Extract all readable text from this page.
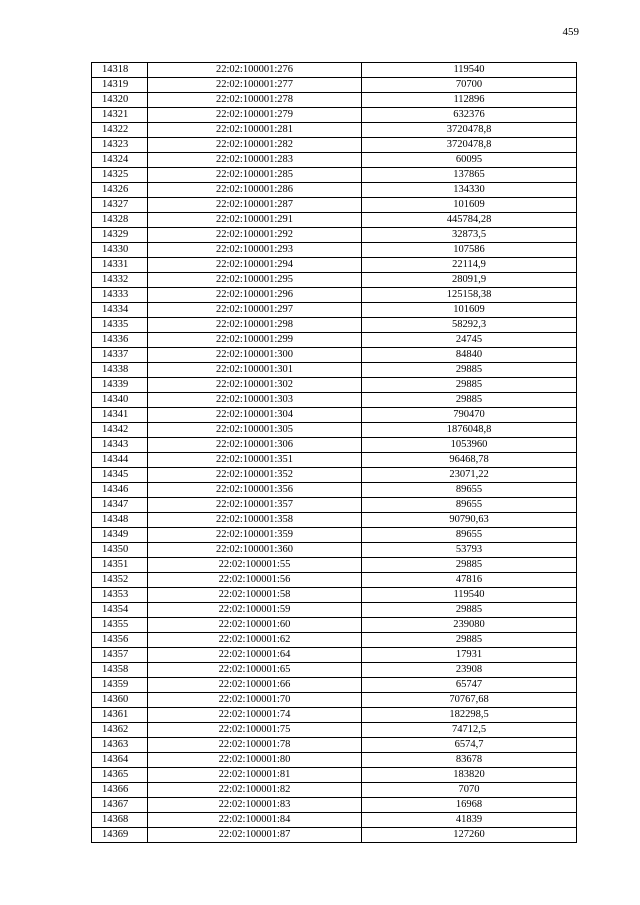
459
14318	22:02:100001:276	119540
14319	22:02:100001:277	70700
14320	22:02:100001:278	112896
14321	22:02:100001:279	632376
14322	22:02:100001:281	3720478,8
14323	22:02:100001:282	3720478,8
14324	22:02:100001:283	60095
14325	22:02:100001:285	137865
14326	22:02:100001:286	134330
14327	22:02:100001:287	101609
14328	22:02:100001:291	445784,28
14329	22:02:100001:292	32873,5
14330	22:02:100001:293	107586
14331	22:02:100001:294	22114,9
14332	22:02:100001:295	28091,9
14333	22:02:100001:296	125158,38
14334	22:02:100001:297	101609
14335	22:02:100001:298	58292,3
14336	22:02:100001:299	24745
14337	22:02:100001:300	84840
14338	22:02:100001:301	29885
14339	22:02:100001:302	29885
14340	22:02:100001:303	29885
14341	22:02:100001:304	790470
14342	22:02:100001:305	1876048,8
14343	22:02:100001:306	1053960
14344	22:02:100001:351	96468,78
14345	22:02:100001:352	23071,22
14346	22:02:100001:356	89655
14347	22:02:100001:357	89655
14348	22:02:100001:358	90790,63
14349	22:02:100001:359	89655
14350	22:02:100001:360	53793
14351	22:02:100001:55	29885
14352	22:02:100001:56	47816
14353	22:02:100001:58	119540
14354	22:02:100001:59	29885
14355	22:02:100001:60	239080
14356	22:02:100001:62	29885
14357	22:02:100001:64	17931
14358	22:02:100001:65	23908
14359	22:02:100001:66	65747
14360	22:02:100001:70	70767,68
14361	22:02:100001:74	182298,5
14362	22:02:100001:75	74712,5
14363	22:02:100001:78	6574,7
14364	22:02:100001:80	83678
14365	22:02:100001:81	183820
14366	22:02:100001:82	7070
14367	22:02:100001:83	16968
14368	22:02:100001:84	41839
14369	22:02:100001:87	127260
